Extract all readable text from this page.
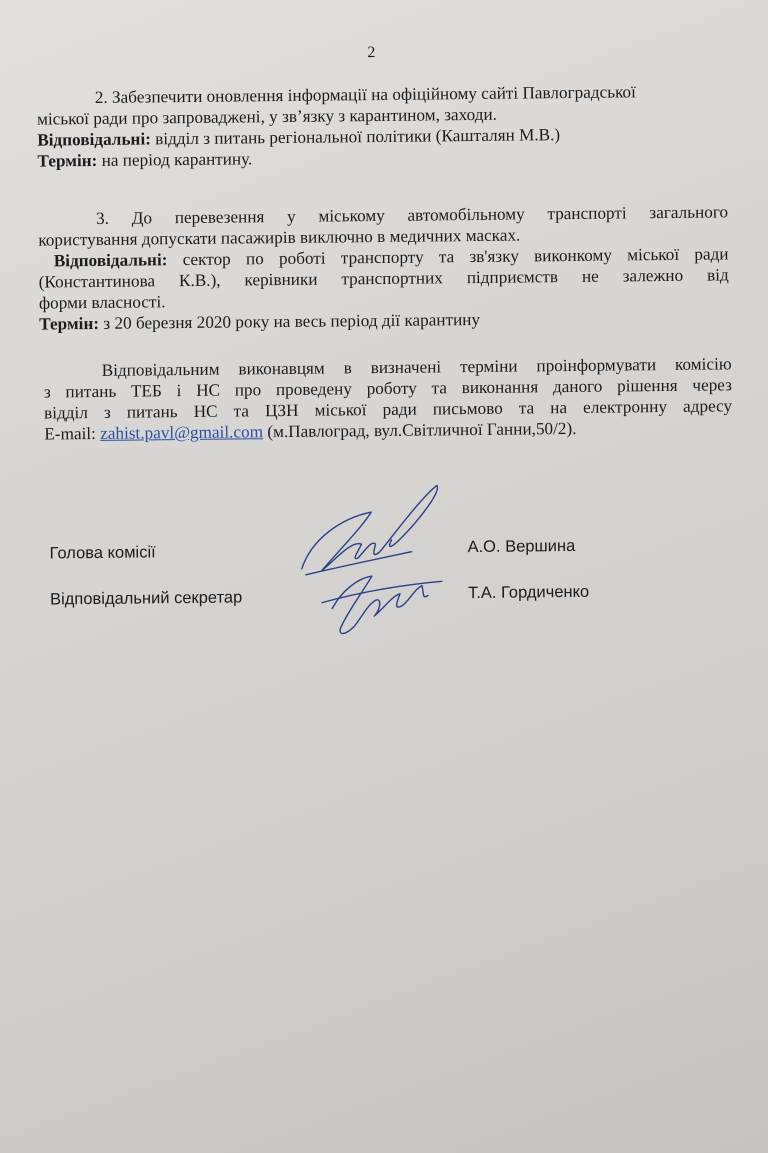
2
2. Забезпечити оновлення інформації на офіційному сайті Павлоградської
міської ради про запроваджені, у зв’язку з карантином, заходи.
Відповідальні: відділ з питань регіональної політики (Кашталян М.В.)
Термін: на період карантину.
3. До перевезення у міському автомобільному транспорті загального
користування допускати пасажирів виключно в медичних масках.
Відповідальні: сектор по роботі транспорту та зв'язку виконкому міської ради
(Константинова К.В.), керівники транспортних підприємств не залежно від
форми власності.
Термін: з 20 березня 2020 року на весь період дії карантину
Відповідальним виконавцям в визначені терміни проінформувати комісію
з питань ТЕБ і НС про проведену роботу та виконання даного рішення через
відділ з питань НС та ЦЗН міської ради письмово та на електронну адресу
E-mail: zahist.pavl@gmail.com (м.Павлоград, вул.Світличної Ганни,50/2).
Голова комісії	А.О. Вершина
Відповідальний секретар	Т.А. Гордиченко
